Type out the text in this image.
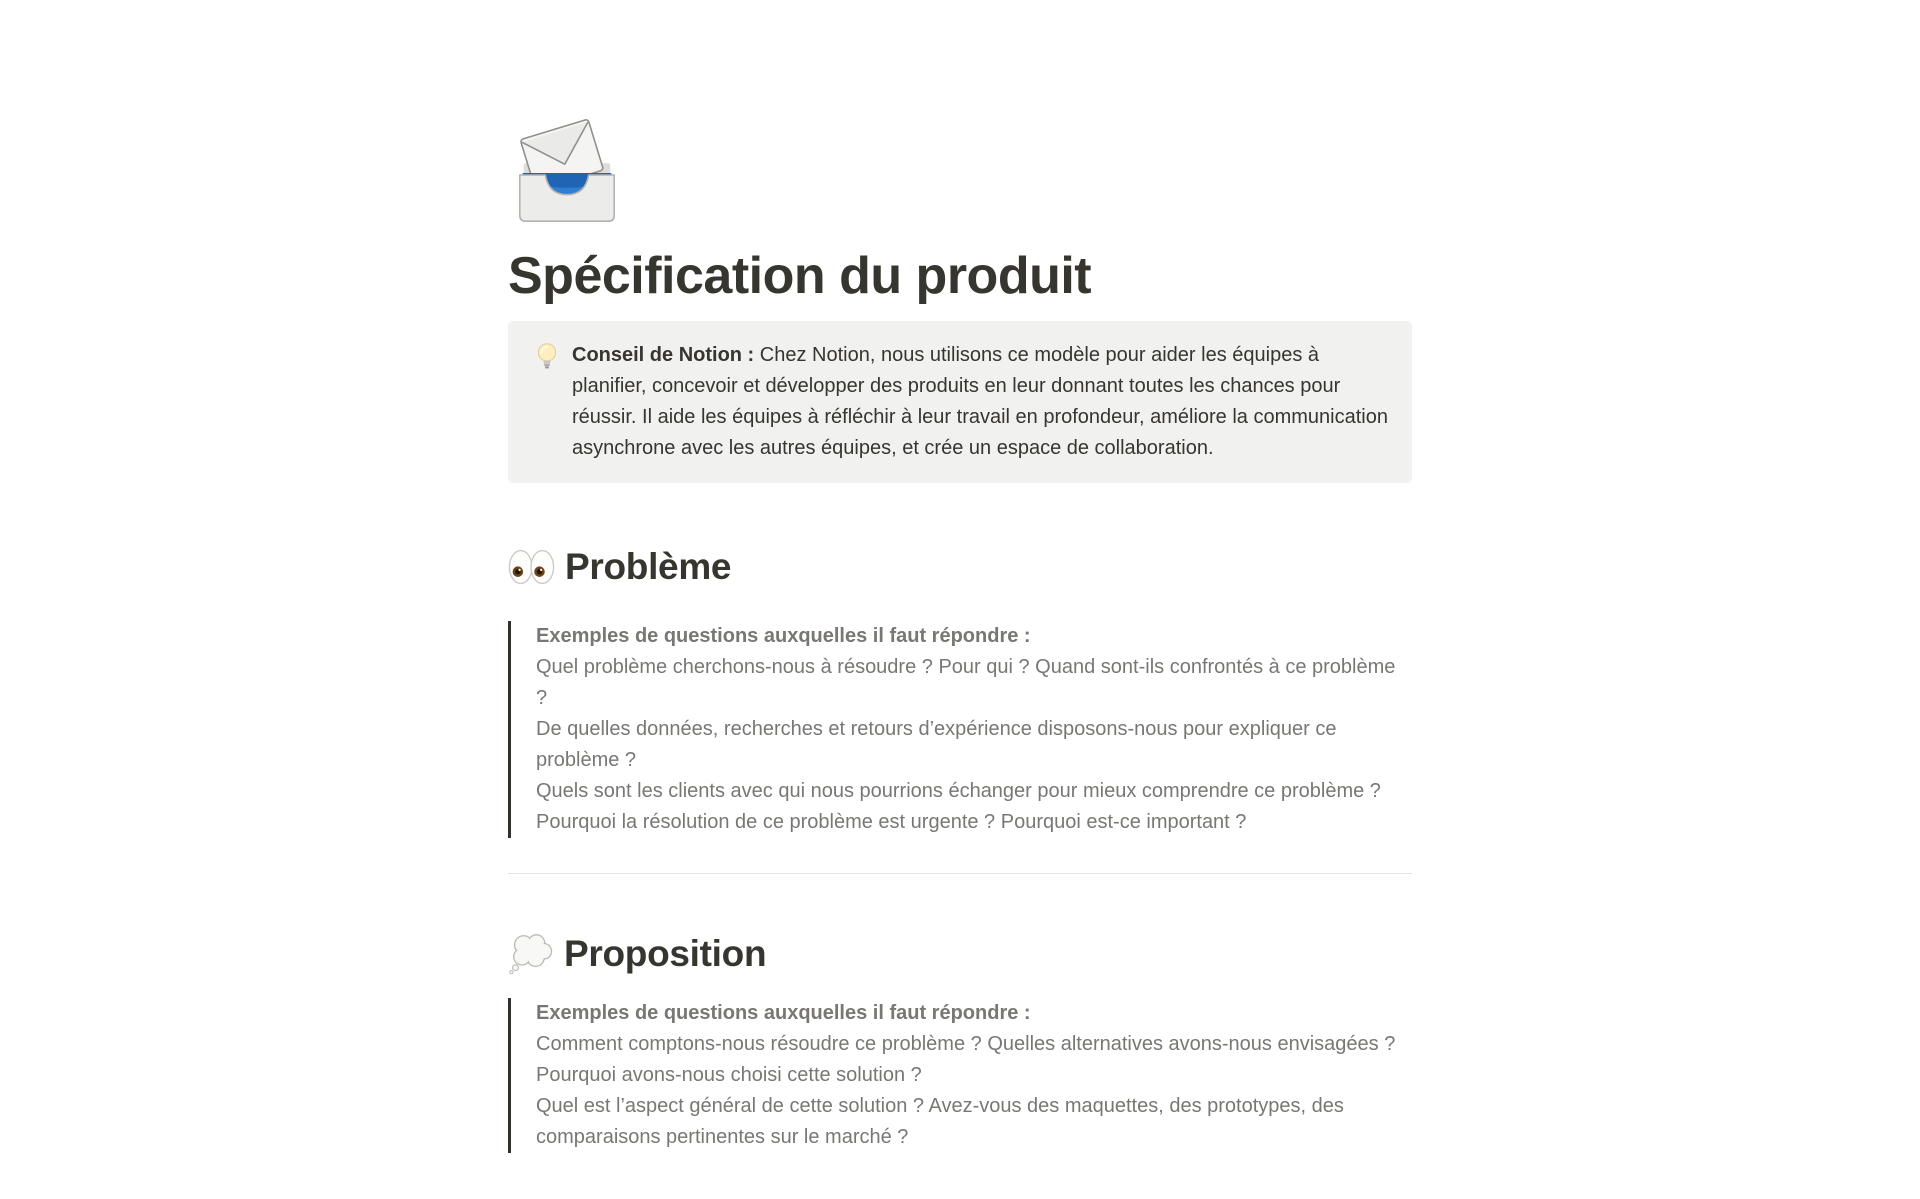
Spécification du produit

Conseil de Notion : Chez Notion, nous utilisons ce modèle pour aider les équipes à planifier, concevoir et développer des produits en leur donnant toutes les chances pour réussir. Il aide les équipes à réfléchir à leur travail en profondeur, améliore la communication asynchrone avec les autres équipes, et crée un espace de collaboration.

Problème
Exemples de questions auxquelles il faut répondre :
Quel problème cherchons-nous à résoudre ? Pour qui ? Quand sont-ils confrontés à ce problème ?
De quelles données, recherches et retours d’expérience disposons-nous pour expliquer ce problème ?
Quels sont les clients avec qui nous pourrions échanger pour mieux comprendre ce problème ?
Pourquoi la résolution de ce problème est urgente ? Pourquoi est-ce important ?
Proposition
Exemples de questions auxquelles il faut répondre :
Comment comptons-nous résoudre ce problème ? Quelles alternatives avons-nous envisagées ? Pourquoi avons-nous choisi cette solution ?
Quel est l’aspect général de cette solution ? Avez-vous des maquettes, des prototypes, des comparaisons pertinentes sur le marché ?
